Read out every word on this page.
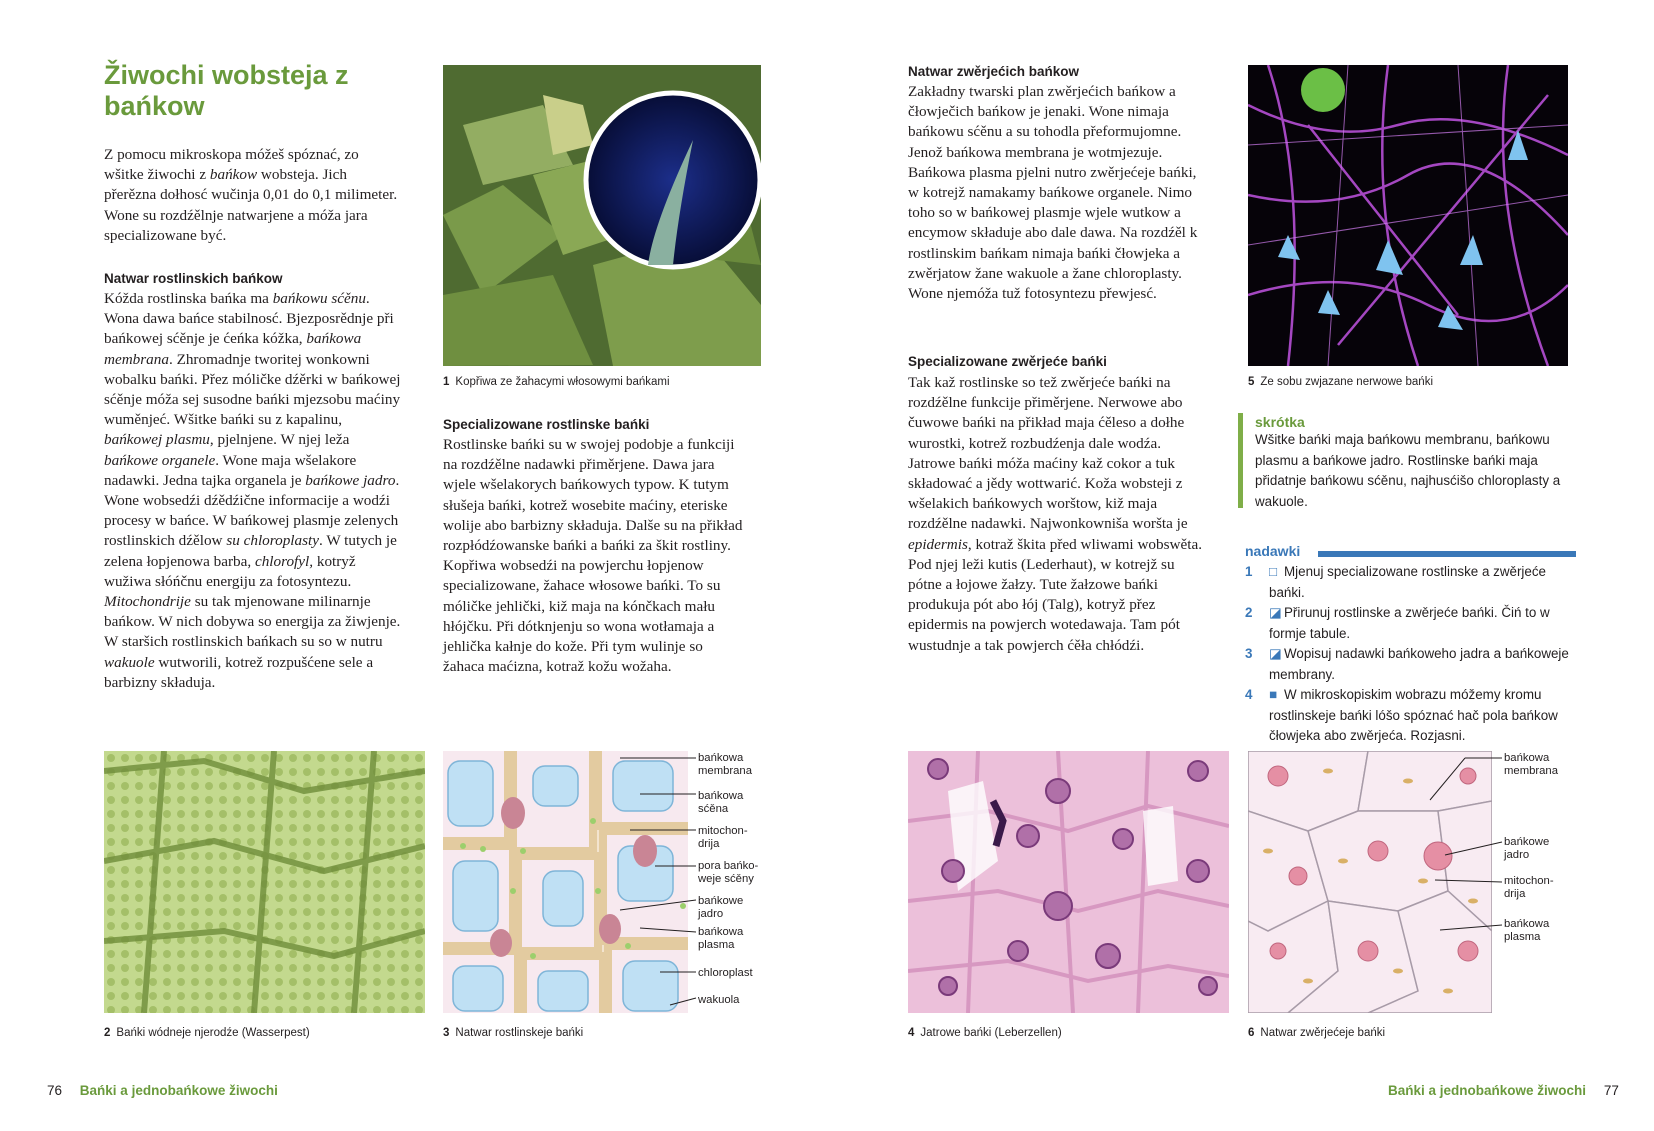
Žiwochi wobsteja z bańkow

Z pomocu mikroskopa móžeš spóznać, zo wšitke žiwochi z bańkow wobsteja. Jich přerězna dołhosć wučinja 0,01 do 0,1 milimeter. Wone su rozdźělnje natwarjene a móža jara specializowane być.

Natwar rostlinskich bańkow

Kóžda rostlinska bańka ma bańkowu sćěnu. Wona dawa bańce stabilnosć. Bjezposrědnje při bańkowej sćěnje je ćeńka kóžka, bańkowa membrana. Zhromadnje tworitej wonkowni wobalku bańki. Přez móličke dźěrki w bańkowej sćěnje móža sej susodne bańki mjezsobu maćiny wuměnjeć. Wšitke bańki su z kapalinu, bańkowej plasmu, pjelnjene. W njej leža bańkowe organele. Wone maja wšelakore nadawki. Jedna tajka organela je bańkowe jadro. Wone wobsedźi dźědźične informacije a wodźi procesy w bańce. W bańkowej plasmje zelenych rostlinskich dźělow su chloroplasty. W tutych je zelena łopjenowa barba, chlorofyl, kotryž wužiwa słóńčnu energiju za fotosyntezu. Mitochondrije su tak mjenowane milinarnje bańkow. W nich dobywa so energija za žiwjenje. W staršich rostlinskich bańkach su so w nutru wakuole wutworili, kotrež rozpušćene sele a barbizny składuja.

1 Kopřiwa ze žahacymi włosowymi bańkami
Specializowane rostlinske bańki
Rostlinske bańki su w swojej podobje a funkciji na rozdźělne nadawki přiměrjene. Dawa jara wjele wšelakorych bańkowych typow. K tutym słušeja bańki, kotrež wosebite maćiny, eteriske wolije abo barbizny składuja. Dalše su na přikład rozpłódźowanske bańki a bańki za škit rostliny. Kopřiwa wobsedźi na powjerchu łopjenow specializowane, žahace włosowe bańki. To su móličke jehlički, kiž maja na kónčkach mału hłójčku. Při dótknjenju so wona wotłamaja a jehlička kałnje do kože. Při tym wulinje so žahaca maćizna, kotraž kožu wožaha.
2 Bańki wódneje njerodźe (Wasserpest)
bańkowa membrana
bańkowa sćěna
mitochon-drija
pora bańko-weje sćěny
bańkowe jadro
bańkowa plasma
chloroplast
wakuola
3 Natwar rostlinskeje bańki
76 Bańki a jednobańkowe žiwochi
Natwar zwěrjećich bańkow
Zakładny twarski plan zwěrjećich bańkow a čłowječich bańkow je jenaki. Wone nimaja bańkowu sćěnu a su tohodla přeformujomne. Jenož bańkowa membrana je wotmjezuje. Bańkowa plasma pjelni nutro zwěrjećeje bańki, w kotrejž namakamy bańkowe organele. Nimo toho so w bańkowej plasmje wjele wutkow a encymow składuje abo dale dawa. Na rozdźěl k rostlinskim bańkam nimaja bańki čłowjeka a zwěrjatow žane wakuole a žane chloroplasty. Wone njemóža tuž fotosyntezu přewjesć.
Specializowane zwěrjeće bańki

Tak kaž rostlinske so tež zwěrjeće bańki na rozdźělne funkcije přiměrjene. Nerwowe abo čuwowe bańki na přikład maja ćěleso a dołhe wurostki, kotrež rozbudźenja dale wodźa. Jatrowe bańki móža maćiny kaž cokor a tuk składować a jědy wottwarić. Koža wobsteji z wšelakich bańkowych worštow, kiž maja rozdźělne nadawki. Najwonkowniša woršta je epidermis, kotraž škita před wliwami wobswěta. Pod njej leži kutis (Lederhaut), w kotrejž su pótne a łojowe žałzy. Tute žałzowe bańki produkuja pót abo łój (Talg), kotryž přez epidermis na powjerch wotedawaja. Tam pót wustudnje a tak powjerch ćěła chłódźi.

5 Ze sobu zwjazane nerwowe bańki
skrótka
Wšitke bańki maja bańkowu membranu, bańkowu plasmu a bańkowe jadro. Rostlinske bańki maja přidatnje bańkowu sćěnu, najhusćišo chloroplasty a wakuole.
nadawki

1 □ Mjenuj specializowane rostlinske a zwěrjeće bańki.

2 ◪ Přirunuj rostlinske a zwěrjeće bańki. Čiń to w formje tabule.

3 ◪ Wopisuj nadawki bańkoweho jadra a bańkoweje membrany.

4 ■ W mikroskopiskim wobrazu móžemy kromu rostlinskeje bańki lóšo spóznać hač pola bańkow čłowjeka abo zwěrjeća. Rozjasni.

4 Jatrowe bańki (Leberzellen)
bańkowa membrana
bańkowe jadro
mitochon-drija
bańkowa plasma
6 Natwar zwěrjećeje bańki
Bańki a jednobańkowe žiwochi 77
